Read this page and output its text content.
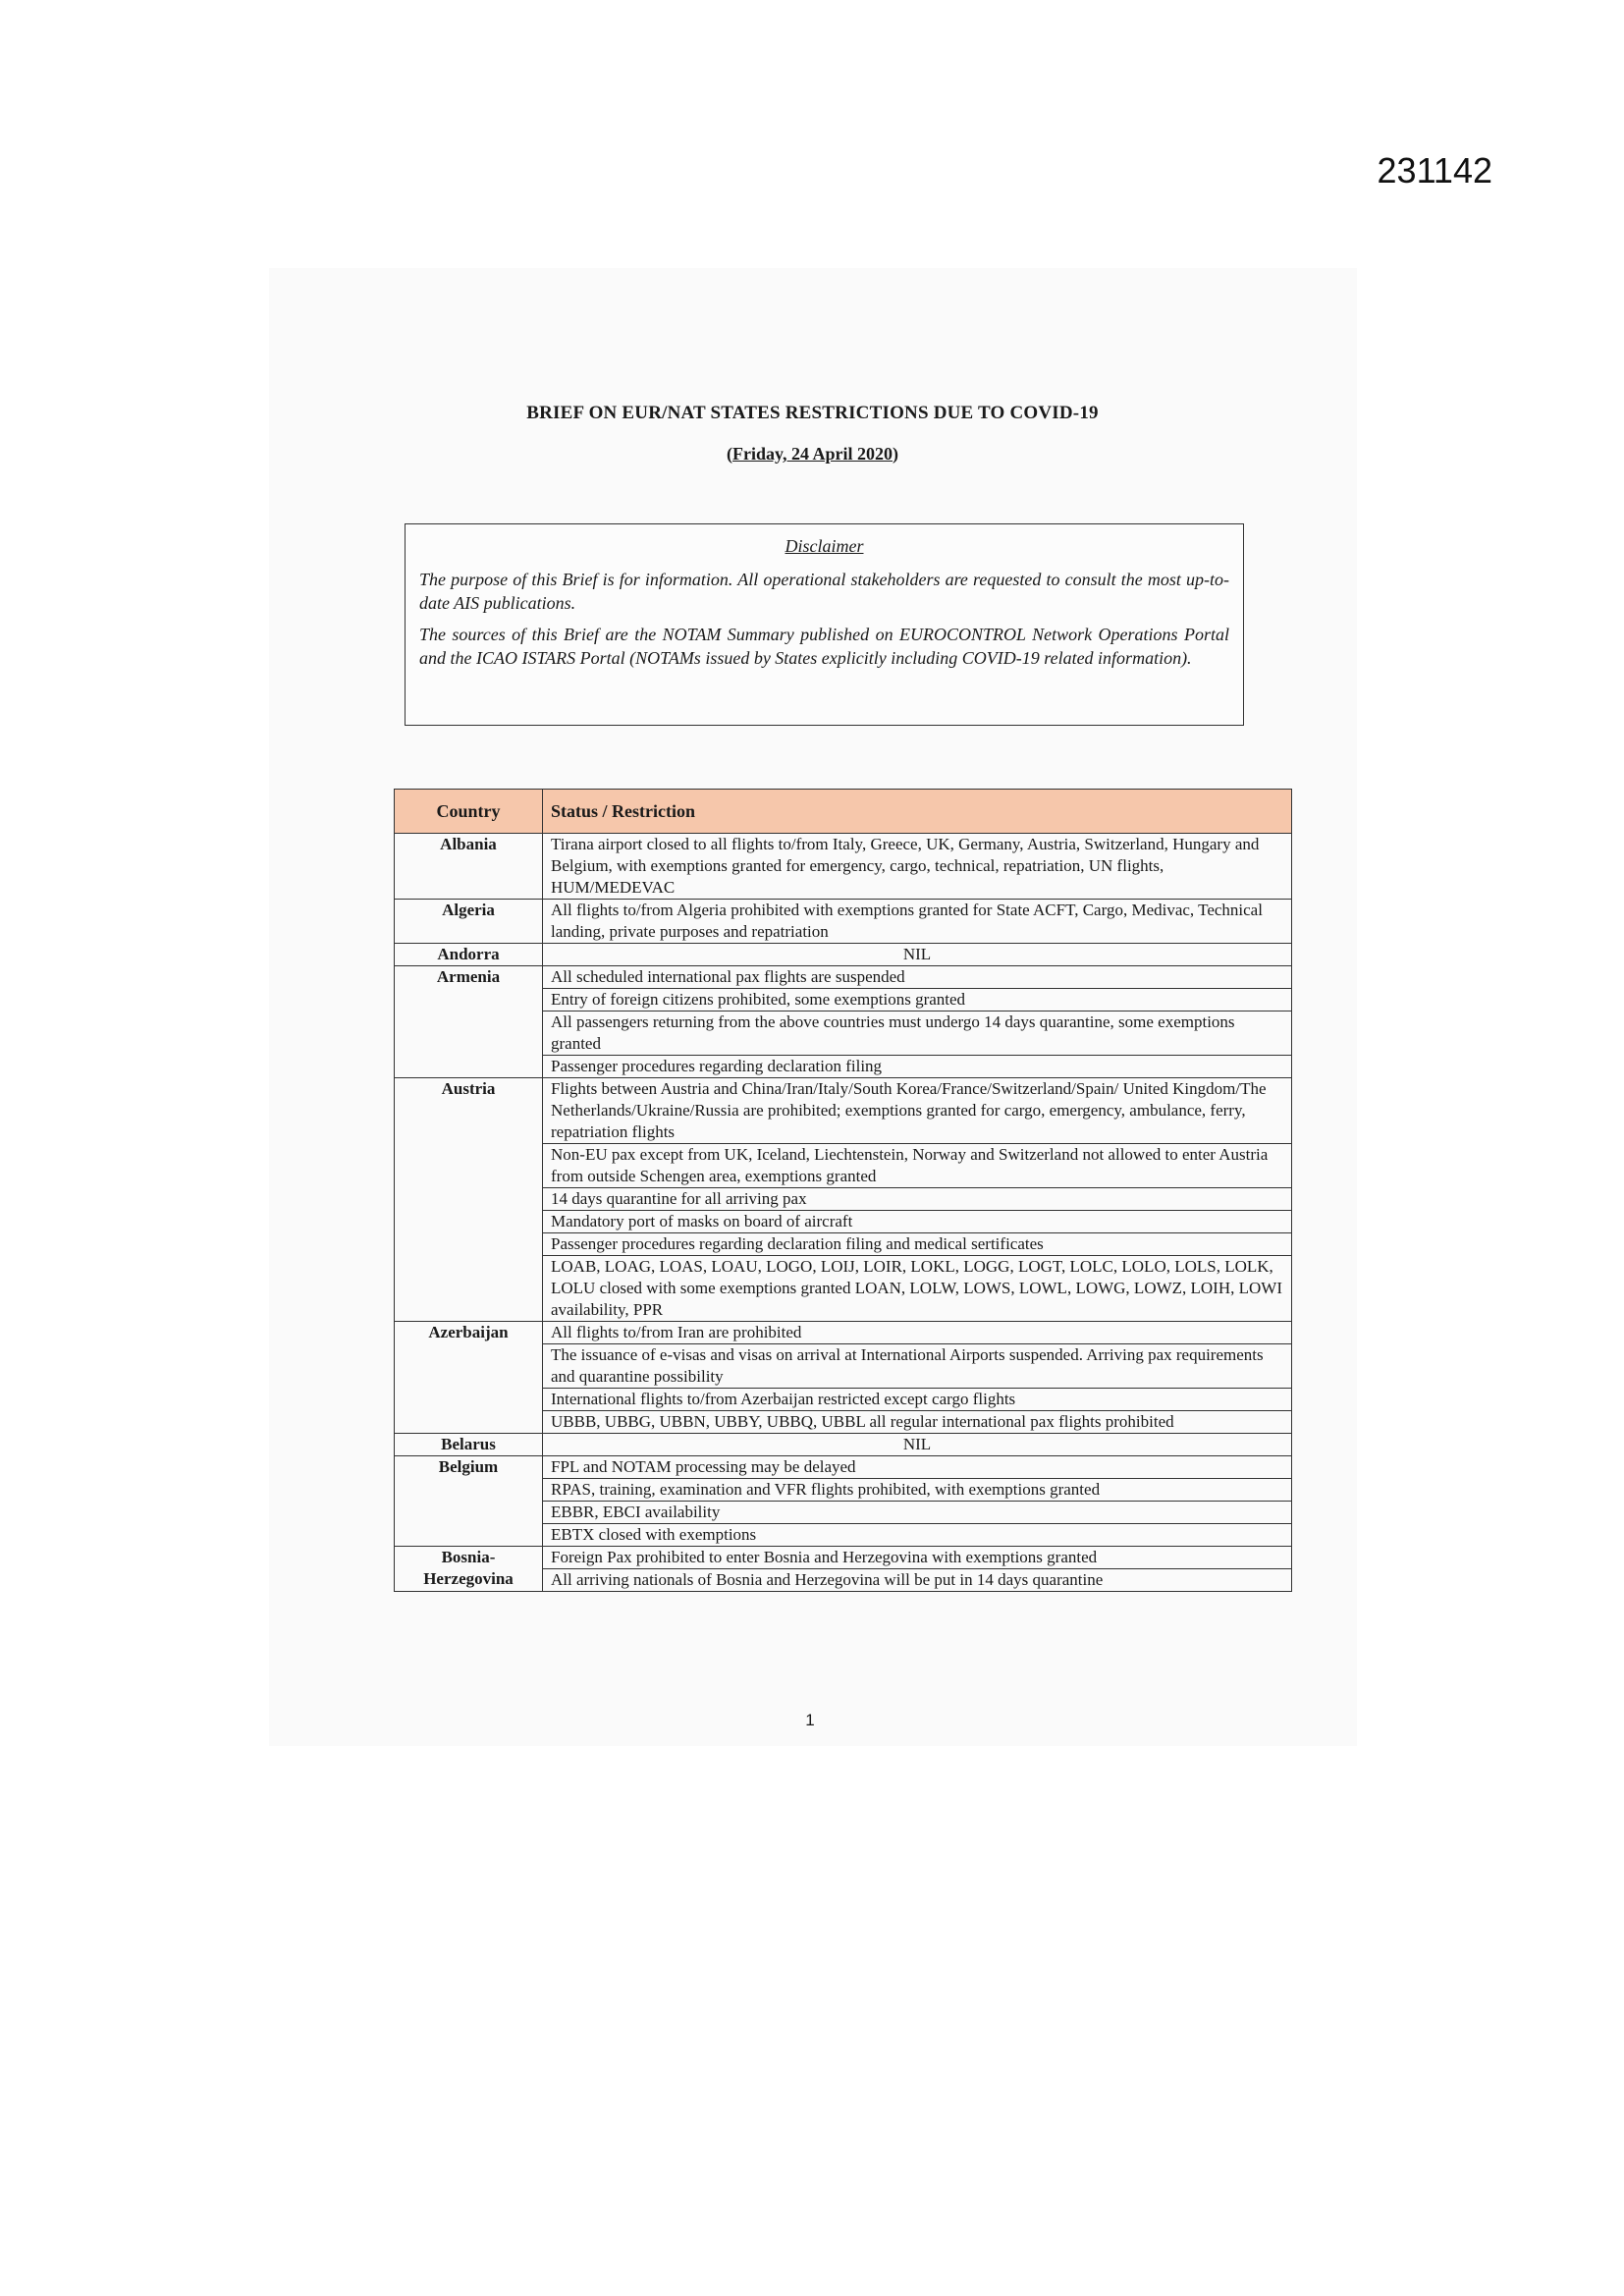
231142
BRIEF ON EUR/NAT STATES RESTRICTIONS DUE TO COVID-19
(Friday, 24 April 2020)
Disclaimer

The purpose of this Brief is for information. All operational stakeholders are requested to consult the most up-to-date AIS publications.

The sources of this Brief are the NOTAM Summary published on EUROCONTROL Network Operations Portal and the ICAO ISTARS Portal (NOTAMs issued by States explicitly including COVID-19 related information).

Country	Status / Restriction
Albania	Tirana airport closed to all flights to/from Italy, Greece, UK, Germany, Austria, Switzerland, Hungary and Belgium, with exemptions granted for emergency, cargo, technical, repatriation, UN flights, HUM/MEDEVAC
Algeria	All flights to/from Algeria prohibited with exemptions granted for State ACFT, Cargo, Medivac, Technical landing, private purposes and repatriation
Andorra	NIL
Armenia	All scheduled international pax flights are suspended
	Entry of foreign citizens prohibited, some exemptions granted
	All passengers returning from the above countries must undergo 14 days quarantine, some exemptions granted
	Passenger procedures regarding declaration filing
Austria	Flights between Austria and China/Iran/Italy/South Korea/France/Switzerland/Spain/ United Kingdom/The Netherlands/Ukraine/Russia are prohibited; exemptions granted for cargo, emergency, ambulance, ferry, repatriation flights
	Non-EU pax except from UK, Iceland, Liechtenstein, Norway and Switzerland not allowed to enter Austria from outside Schengen area, exemptions granted
	14 days quarantine for all arriving pax
	Mandatory port of masks on board of aircraft
	Passenger procedures regarding declaration filing and medical sertificates
	LOAB, LOAG, LOAS, LOAU, LOGO, LOIJ, LOIR, LOKL, LOGG, LOGT, LOLC, LOLO, LOLS, LOLK, LOLU closed with some exemptions granted LOAN, LOLW, LOWS, LOWL, LOWG, LOWZ, LOIH, LOWI availability, PPR
Azerbaijan	All flights to/from Iran are prohibited
	The issuance of e-visas and visas on arrival at International Airports suspended. Arriving pax requirements and quarantine possibility
	International flights to/from Azerbaijan restricted except cargo flights
	UBBB, UBBG, UBBN, UBBY, UBBQ, UBBL all regular international pax flights prohibited
Belarus	NIL
Belgium	FPL and NOTAM processing may be delayed
	RPAS, training, examination and VFR flights prohibited, with exemptions granted
	EBBR, EBCI availability
	EBTX closed with exemptions
Bosnia-Herzegovina	Foreign Pax prohibited to enter Bosnia and Herzegovina with exemptions granted
	All arriving nationals of Bosnia and Herzegovina will be put in 14 days quarantine
1
